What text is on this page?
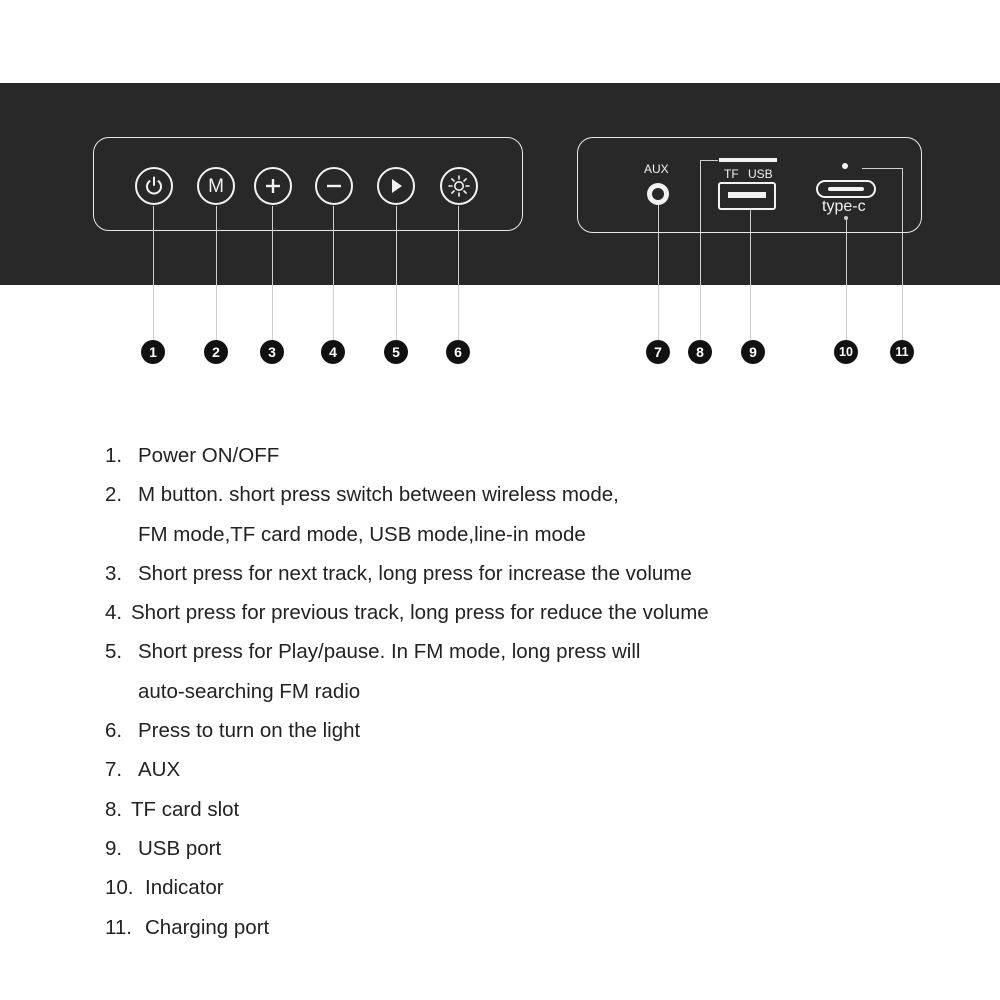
M
AUX	TF USB
type-c
1	2	3	4	5	6	7	8	9	10	11
1. Power ON/OFF
2. M button. short press switch between wireless mode,
FM mode,TF card mode, USB mode,line-in mode
3. Short press for next track, long press for increase the volume
4. Short press for previous track, long press for reduce the volume
5. Short press for Play/pause. In FM mode, long press will
auto-searching FM radio
6. Press to turn on the light
7. AUX
8. TF card slot
9. USB port
10. Indicator
11. Charging port
